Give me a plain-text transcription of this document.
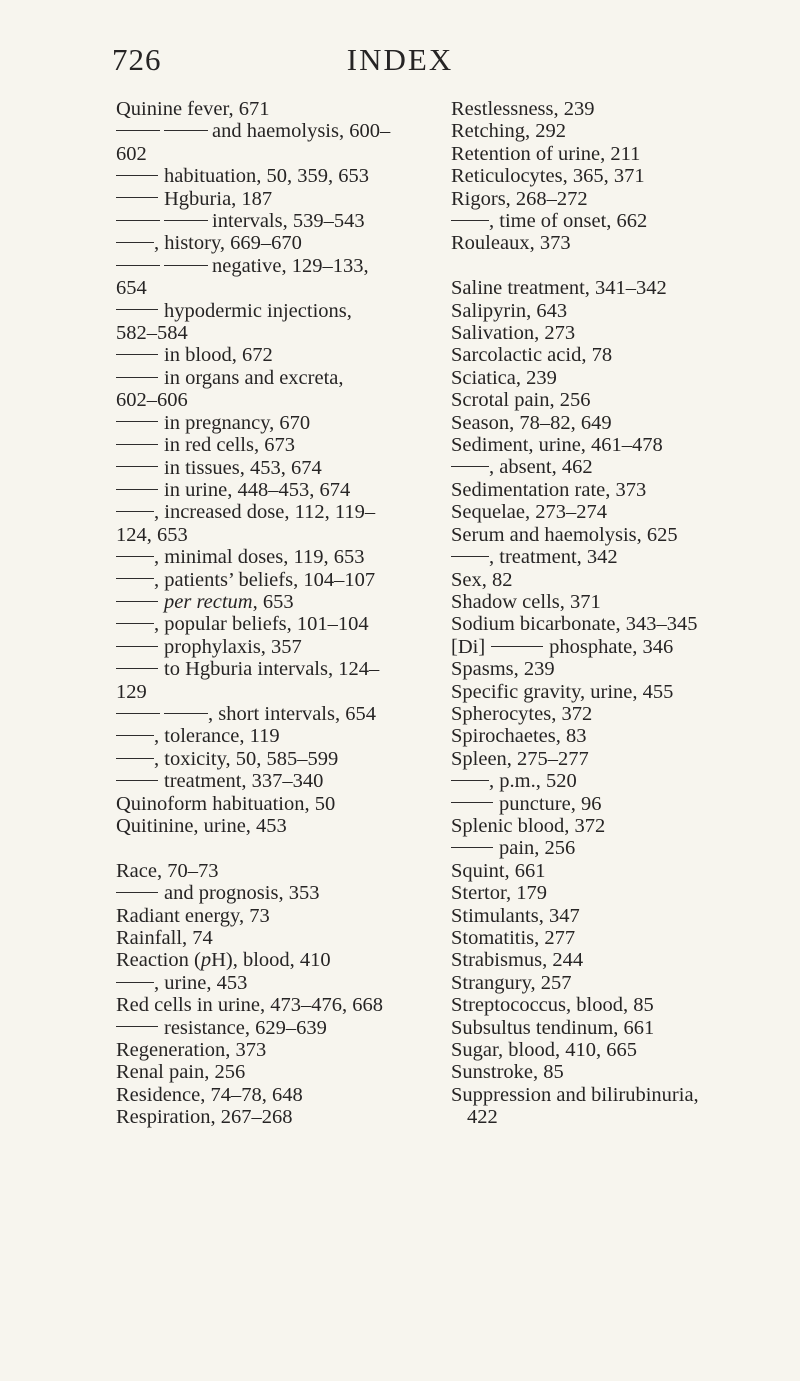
726	INDEX
Quinine fever, 671
and haemolysis, 600–
602
habituation, 50, 359, 653
Hgburia, 187
intervals, 539–543
, history, 669–670
negative, 129–133,
654
hypodermic injections,
582–584
in blood, 672
in organs and excreta,
602–606
in pregnancy, 670
in red cells, 673
in tissues, 453, 674
in urine, 448–453, 674
, increased dose, 112, 119–
124, 653
, minimal doses, 119, 653
, patients’ beliefs, 104–107
per rectum, 653
, popular beliefs, 101–104
prophylaxis, 357
to Hgburia intervals, 124–
129
, short intervals, 654
, tolerance, 119
, toxicity, 50, 585–599
treatment, 337–340
Quinoform habituation, 50
Quitinine, urine, 453
Race, 70–73
and prognosis, 353
Radiant energy, 73
Rainfall, 74
Reaction (pH), blood, 410
, urine, 453
Red cells in urine, 473–476, 668
resistance, 629–639
Regeneration, 373
Renal pain, 256
Residence, 74–78, 648
Respiration, 267–268
Restlessness, 239
Retching, 292
Retention of urine, 211
Reticulocytes, 365, 371
Rigors, 268–272
, time of onset, 662
Rouleaux, 373
Saline treatment, 341–342
Salipyrin, 643
Salivation, 273
Sarcolactic acid, 78
Sciatica, 239
Scrotal pain, 256
Season, 78–82, 649
Sediment, urine, 461–478
, absent, 462
Sedimentation rate, 373
Sequelae, 273–274
Serum and haemolysis, 625
, treatment, 342
Sex, 82
Shadow cells, 371
Sodium bicarbonate, 343–345
[Di]	phosphate, 346
Spasms, 239
Specific gravity, urine, 455
Spherocytes, 372
Spirochaetes, 83
Spleen, 275–277
, p.m., 520
puncture, 96
Splenic blood, 372
pain, 256
Squint, 661
Stertor, 179
Stimulants, 347
Stomatitis, 277
Strabismus, 244
Strangury, 257
Streptococcus, blood, 85
Subsultus tendinum, 661
Sugar, blood, 410, 665
Sunstroke, 85
Suppression and bilirubinuria,
422
